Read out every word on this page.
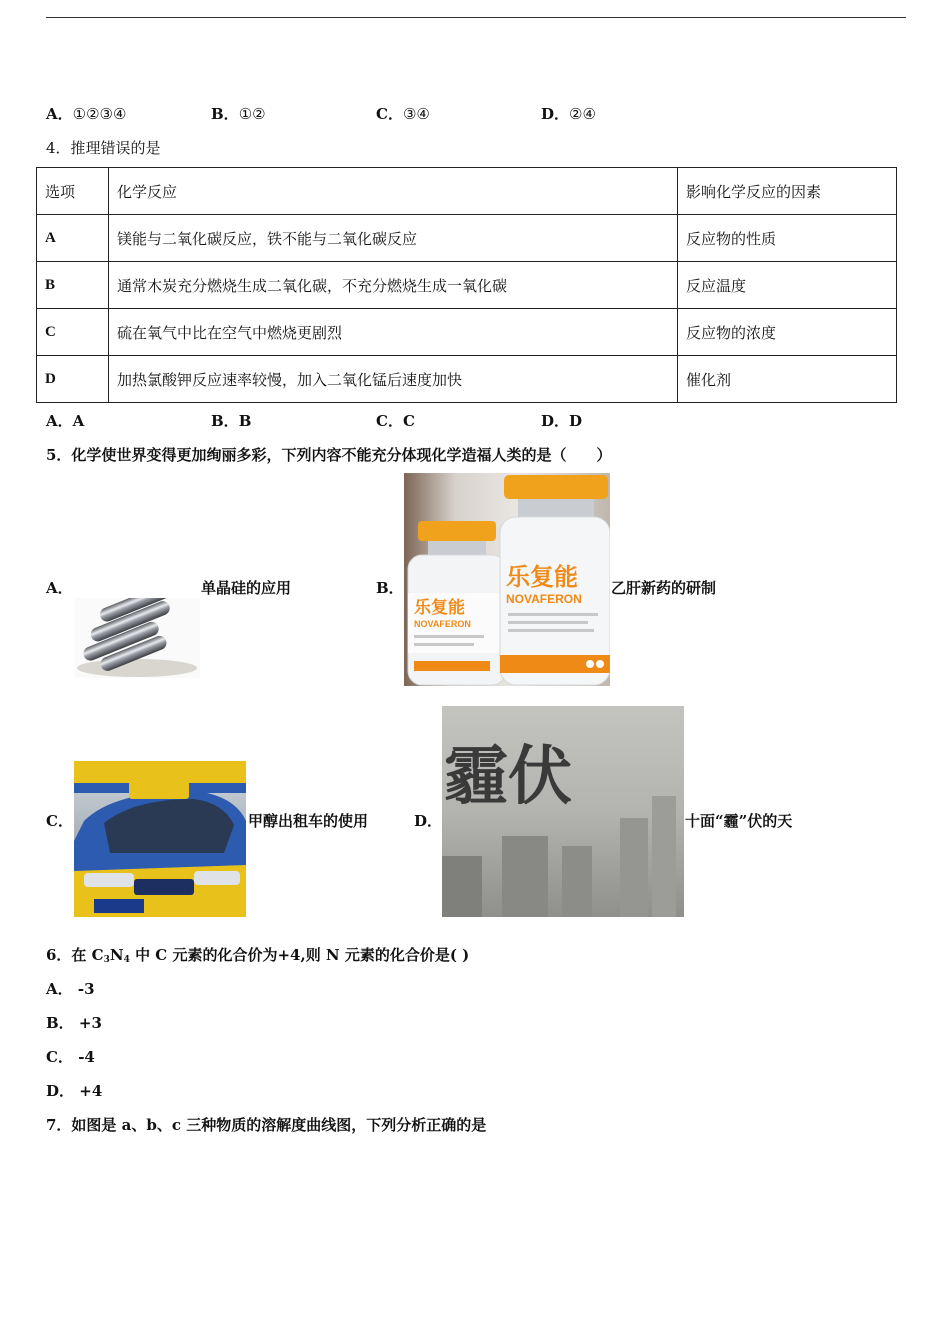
A．①②③④	B．①②	C．③④	D．②④
4．推理错误的是
选项	化学反应	影响化学反应的因素
A	镁能与二氧化碳反应，铁不能与二氧化碳反应	反应物的性质
B	通常木炭充分燃烧生成二氧化碳，不充分燃烧生成一氧化碳	反应温度
C	硫在氧气中比在空气中燃烧更剧烈	反应物的浓度
D	加热氯酸钾反应速率较慢，加入二氧化锰后速度加快	催化剂
A．A	B．B	C．C	D．D
5．化学使世界变得更加绚丽多彩，下列内容不能充分体现化学造福人类的是（　　）
A．	单晶硅的应用	B．
乐复能
NOVAFERON
乐复能
NOVAFERON
乙肝新药的研制
C．	甲醇出租车的使用	D．
霾伏
十面“霾”伏的天
6．在 $C_3N_4$ 中 C 元素的化合价为+4,则 N 元素的化合价是( )
A． -3
B． +3
C． -4
D． +4
7．如图是 a、b、c 三种物质的溶解度曲线图，下列分析正确的是
